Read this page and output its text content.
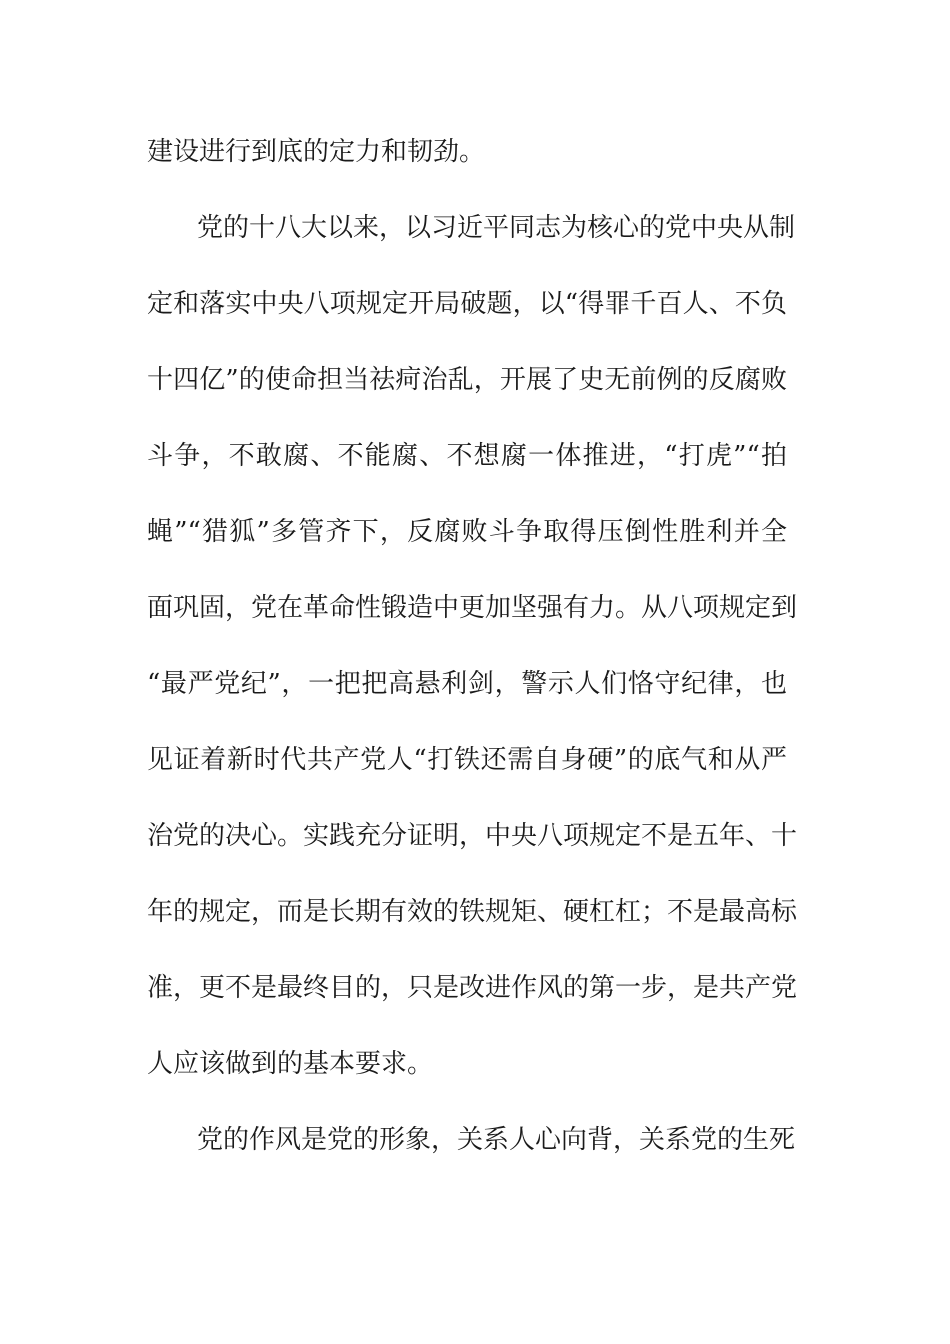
建设进行到底的定力和韧劲。
党的十八大以来，以习近平同志为核心的党中央从制
定和落实中央八项规定开局破题，以“得罪千百人、不负
十四亿”的使命担当祛疴治乱，开展了史无前例的反腐败
斗争，不敢腐、不能腐、不想腐一体推进，“打虎”“拍
蝇”“猎狐”多管齐下，反腐败斗争取得压倒性胜利并全
面巩固，党在革命性锻造中更加坚强有力。从八项规定到
“最严党纪”，一把把高悬利剑，警示人们恪守纪律，也
见证着新时代共产党人“打铁还需自身硬”的底气和从严
治党的决心。实践充分证明，中央八项规定不是五年、十
年的规定，而是长期有效的铁规矩、硬杠杠；不是最高标
准，更不是最终目的，只是改进作风的第一步，是共产党
人应该做到的基本要求。
党的作风是党的形象，关系人心向背，关系党的生死
